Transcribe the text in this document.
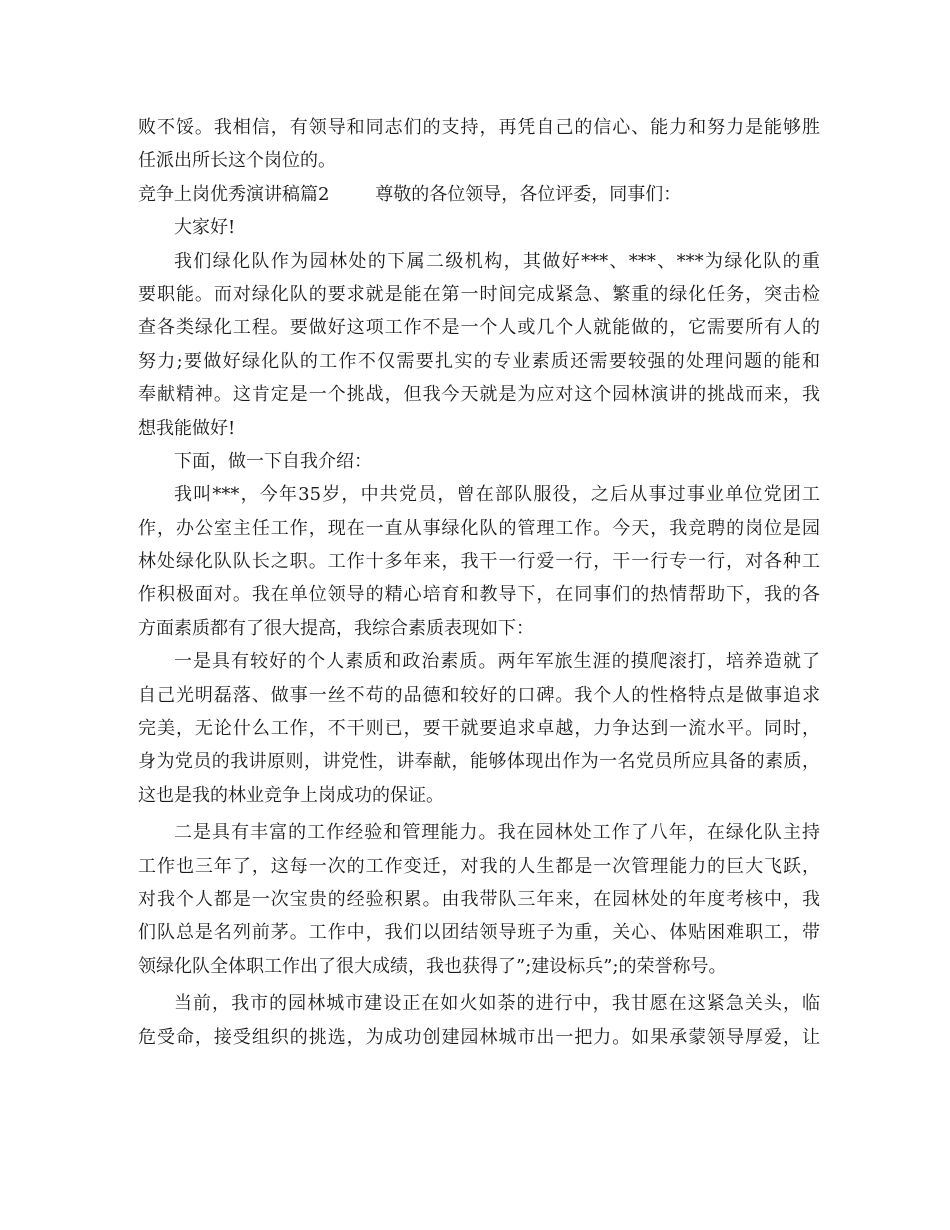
败不馁。我相信，有领导和同志们的支持，再凭自己的信心、能力和努力是能够胜
任派出所长这个岗位的。
竞争上岗优秀演讲稿篇2        尊敬的各位领导，各位评委，同事们：
大家好!
我们绿化队作为园林处的下属二级机构，其做好***、***、***为绿化队的重
要职能。而对绿化队的要求就是能在第一时间完成紧急、繁重的绿化任务，突击检
查各类绿化工程。要做好这项工作不是一个人或几个人就能做的，它需要所有人的
努力;要做好绿化队的工作不仅需要扎实的专业素质还需要较强的处理问题的能和
奉献精神。这肯定是一个挑战，但我今天就是为应对这个园林演讲的挑战而来，我
想我能做好!
下面，做一下自我介绍：
我叫***，今年35岁，中共党员，曾在部队服役，之后从事过事业单位党团工
作，办公室主任工作，现在一直从事绿化队的管理工作。今天，我竞聘的岗位是园
林处绿化队队长之职。工作十多年来，我干一行爱一行，干一行专一行，对各种工
作积极面对。我在单位领导的精心培育和教导下，在同事们的热情帮助下，我的各
方面素质都有了很大提高，我综合素质表现如下：
一是具有较好的个人素质和政治素质。两年军旅生涯的摸爬滚打，培养造就了
自己光明磊落、做事一丝不苟的品德和较好的口碑。我个人的性格特点是做事追求
完美，无论什么工作，不干则已，要干就要追求卓越，力争达到一流水平。同时，
身为党员的我讲原则，讲党性，讲奉献，能够体现出作为一名党员所应具备的素质，
这也是我的林业竞争上岗成功的保证。
二是具有丰富的工作经验和管理能力。我在园林处工作了八年，在绿化队主持
工作也三年了，这每一次的工作变迁，对我的人生都是一次管理能力的巨大飞跃，
对我个人都是一次宝贵的经验积累。由我带队三年来，在园林处的年度考核中，我
们队总是名列前茅。工作中，我们以团结领导班子为重，关心、体贴困难职工，带
领绿化队全体职工作出了很大成绩，我也获得了”;建设标兵”;的荣誉称号。
当前，我市的园林城市建设正在如火如荼的进行中，我甘愿在这紧急关头，临
危受命，接受组织的挑选，为成功创建园林城市出一把力。如果承蒙领导厚爱，让
